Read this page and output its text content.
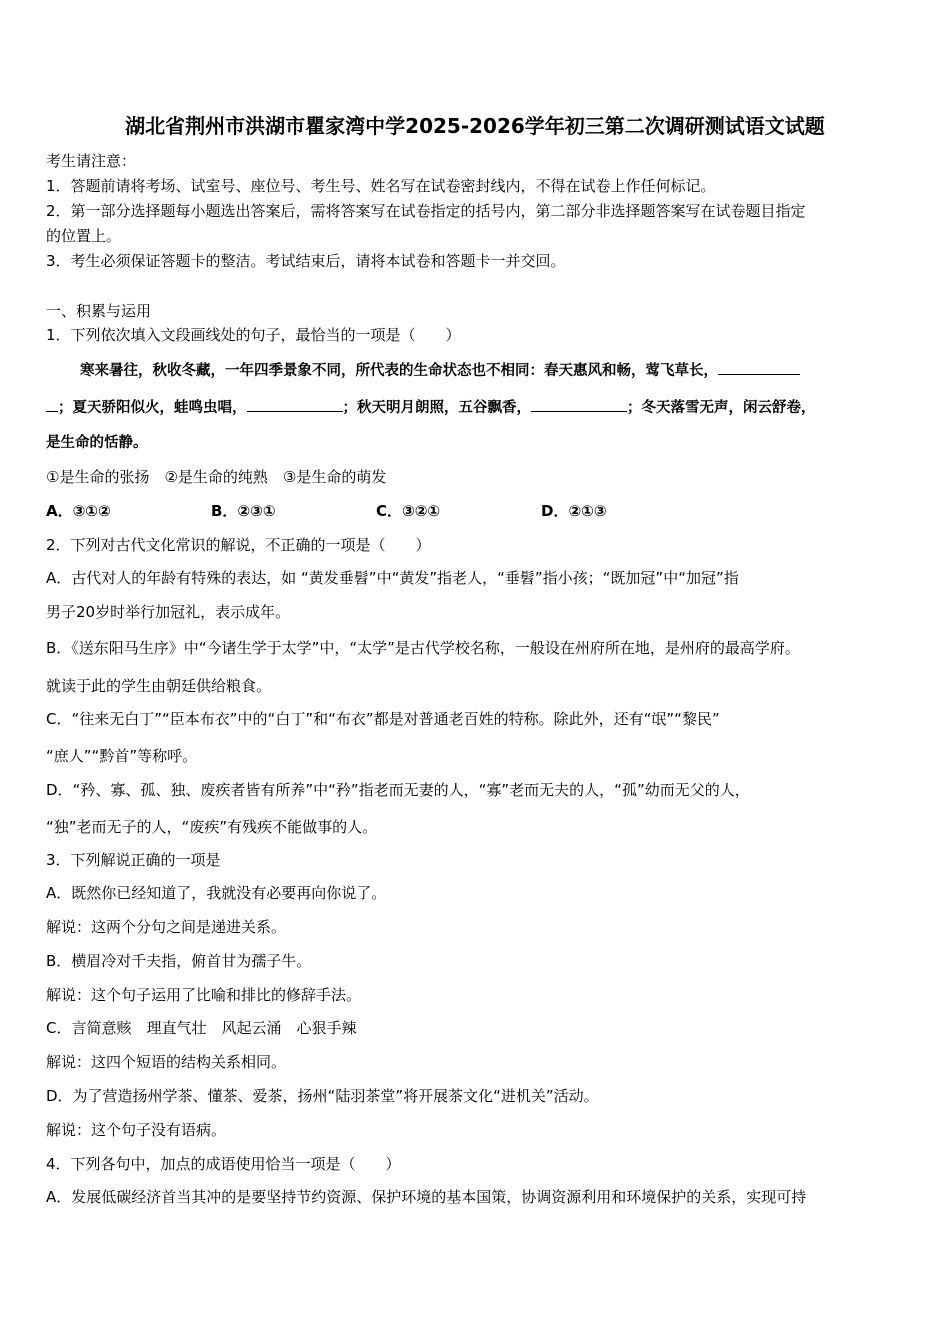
湖北省荆州市洪湖市瞿家湾中学2025-2026学年初三第二次调研测试语文试题
考生请注意：
1．答题前请将考场、试室号、座位号、考生号、姓名写在试卷密封线内，不得在试卷上作任何标记。
2．第一部分选择题每小题选出答案后，需将答案写在试卷指定的括号内，第二部分非选择题答案写在试卷题目指定
的位置上。
3．考生必须保证答题卡的整洁。考试结束后，请将本试卷和答题卡一并交回。
一、积累与运用
1．下列依次填入文段画线处的句子，最恰当的一项是（　　）
寒来暑往，秋收冬藏，一年四季景象不同，所代表的生命状态也不相同：春天惠风和畅，莺飞草长，
；夏天骄阳似火，蛙鸣虫唱，	；秋天明月朗照，五谷飘香，	；冬天落雪无声，闲云舒卷，
是生命的恬静。
①是生命的张扬　②是生命的纯熟　③是生命的萌发
A．③①②	B．②③①	C．③②①	D．②①③
2．下列对古代文化常识的解说，不正确的一项是（　　）
A．古代对人的年龄有特殊的表达，如 “黄发垂髫”中“黄发”指老人，“垂髫”指小孩；“既加冠”中“加冠”指
男子20岁时举行加冠礼，表示成年。
B．《送东阳马生序》中“今诸生学于太学”中，“太学”是古代学校名称，一般设在州府所在地，是州府的最高学府。
就读于此的学生由朝廷供给粮食。
C．“往来无白丁”“臣本布衣”中的“白丁”和“布衣”都是对普通老百姓的特称。除此外，还有“氓”“黎民”
“庶人”“黔首”等称呼。
D．“矜、寡、孤、独、废疾者皆有所养”中“矜”指老而无妻的人，“寡”老而无夫的人，“孤”幼而无父的人，
“独”老而无子的人，“废疾”有残疾不能做事的人。
3．下列解说正确的一项是
A．既然你已经知道了，我就没有必要再向你说了。
解说：这两个分句之间是递进关系。
B．横眉冷对千夫指，俯首甘为孺子牛。
解说：这个句子运用了比喻和排比的修辞手法。
C．言简意赅　理直气壮　风起云涌　心狠手辣
解说：这四个短语的结构关系相同。
D．为了营造扬州学茶、懂茶、爱茶，扬州“陆羽茶堂”将开展茶文化“进机关”活动。
解说：这个句子没有语病。
4．下列各句中，加点的成语使用恰当一项是（　　）
A．发展低碳经济首当其冲的是要坚持节约资源、保护环境的基本国策，协调资源利用和环境保护的关系，实现可持
